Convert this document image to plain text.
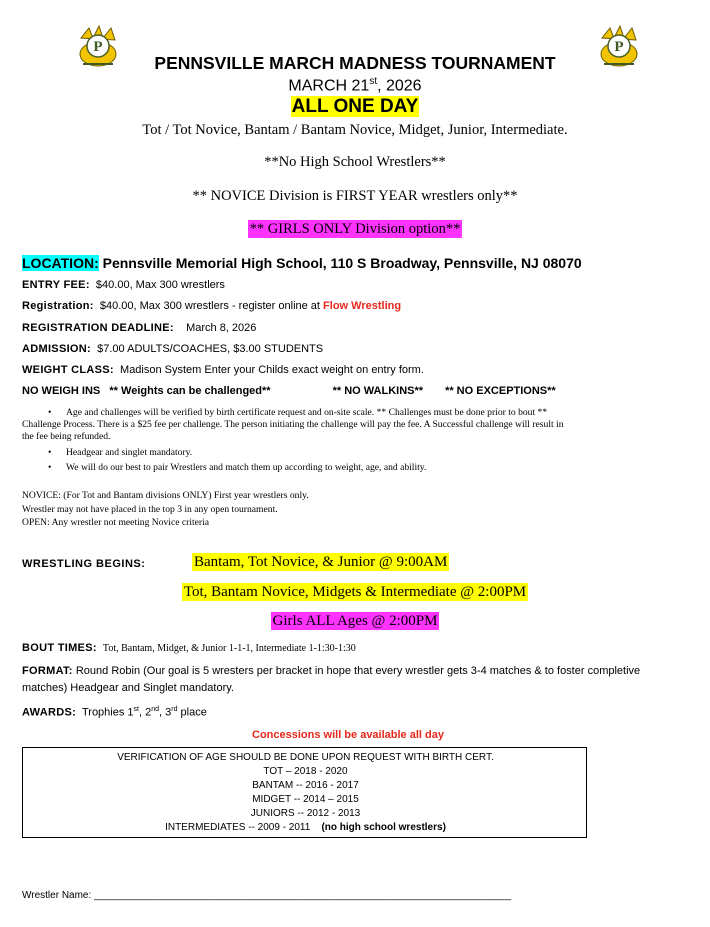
P	P
PENNSVILLE MARCH MADNESS TOURNAMENT
MARCH 21st, 2026
ALL ONE DAY
Tot / Tot Novice, Bantam / Bantam Novice, Midget, Junior, Intermediate.
**No High School Wrestlers**
** NOVICE Division is FIRST YEAR wrestlers only**
** GIRLS ONLY Division option**
LOCATION: Pennsville Memorial High School, 110 S Broadway, Pennsville, NJ 08070
ENTRY FEE: $40.00, Max 300 wrestlers
Registration: $40.00, Max 300 wrestlers - register online at Flow Wrestling
REGISTRATION DEADLINE: March 8, 2026
ADMISSION: $7.00 ADULTS/COACHES, $3.00 STUDENTS
WEIGHT CLASS: Madison System Enter your Childs exact weight on entry form.
NO WEIGH INS ** Weights can be challenged**	** NO WALKINS** ** NO EXCEPTIONS**
• Age and challenges will be verified by birth certificate request and on-site scale. ** Challenges must be done prior to bout **
Challenge Process. There is a $25 fee per challenge. The person initiating the challenge will pay the fee. A Successful challenge will result in
the fee being refunded.
• Headgear and singlet mandatory.
• We will do our best to pair Wrestlers and match them up according to weight, age, and ability.
NOVICE: (For Tot and Bantam divisions ONLY) First year wrestlers only.
Wrestler may not have placed in the top 3 in any open tournament.
OPEN: Any wrestler not meeting Novice criteria
WRESTLING BEGINS:	Bantam, Tot Novice, & Junior @ 9:00AM
Tot, Bantam Novice, Midgets & Intermediate @ 2:00PM
Girls ALL Ages @ 2:00PM
BOUT TIMES: Tot, Bantam, Midget, & Junior 1-1-1, Intermediate 1-1:30-1:30
FORMAT: Round Robin (Our goal is 5 wresters per bracket in hope that every wrestler gets 3-4 matches & to foster completive
matches) Headgear and Singlet mandatory.
AWARDS: Trophies 1st, 2nd, 3rd place
Concessions will be available all day
VERIFICATION OF AGE SHOULD BE DONE UPON REQUEST WITH BIRTH CERT.
TOT – 2018 - 2020
BANTAM -- 2016 - 2017
MIDGET -- 2014 – 2015
JUNIORS -- 2012 - 2013
INTERMEDIATES -- 2009 - 2011 (no high school wrestlers)
Wrestler Name: ___________________________________________________________________________
